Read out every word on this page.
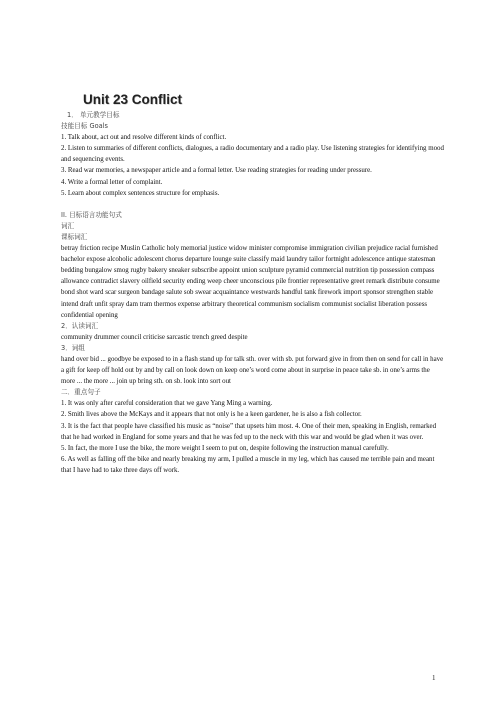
Unit 23 Conflict

1． 单元教学目标

技能目标 Goals

1. Talk about, act out and resolve different kinds of conflict.

2. Listen to summaries of different conflicts, dialogues, a radio documentary and a radio play. Use listening strategies for identifying mood and sequencing events.

3. Read war memories, a newspaper article and a formal letter. Use reading strategies for reading under pressure.

4. Write a formal letter of complaint.

5. Learn about complex sentences structure for emphasis.

II. 目标语言功能句式

词汇

课标词汇

betray friction recipe Muslin Catholic holy memorial justice widow minister compromise immigration civilian prejudice racial furnished bachelor expose alcoholic adolescent chorus departure lounge suite classify maid laundry tailor fortnight adolescence antique statesman bedding bungalow smog rugby bakery sneaker subscribe appoint union sculpture pyramid commercial nutrition tip possession compass allowance contradict slavery oilfield security ending weep cheer unconscious pile frontier representative greet remark distribute consume bond shot ward scar surgeon bandage salute sob swear acquaintance westwards handful tank firework import sponsor strengthen stable intend draft unfit spray dam tram thermos expense arbitrary theoretical communism socialism communist socialist liberation possess confidential opening

2．认读词汇

community drummer council criticise sarcastic trench greed despite

3．词组

hand over bid ... goodbye be exposed to in a flash stand up for talk sth. over with sb. put forward give in from then on send for call in have a gift for keep off hold out by and by call on look down on keep one’s word come about in surprise in peace take sb. in one’s arms the more ... the more ... join up bring sth. on sb. look into sort out

二．重点句子

1. It was only after careful consideration that we gave Yang Ming a warning.

2. Smith lives above the McKays and it appears that not only is he a keen gardener, he is also a fish collector.

3. It is the fact that people have classified his music as “noise” that upsets him most. 4. One of their men, speaking in English, remarked that he had worked in England for some years and that he was fed up to the neck with this war and would be glad when it was over.

5. In fact, the more I use the bike, the more weight I seem to put on, despite following the instruction manual carefully.

6. As well as falling off the bike and nearly breaking my arm, I pulled a muscle in my leg, which has caused me terrible pain and meant that I have had to take three days off work.

1
